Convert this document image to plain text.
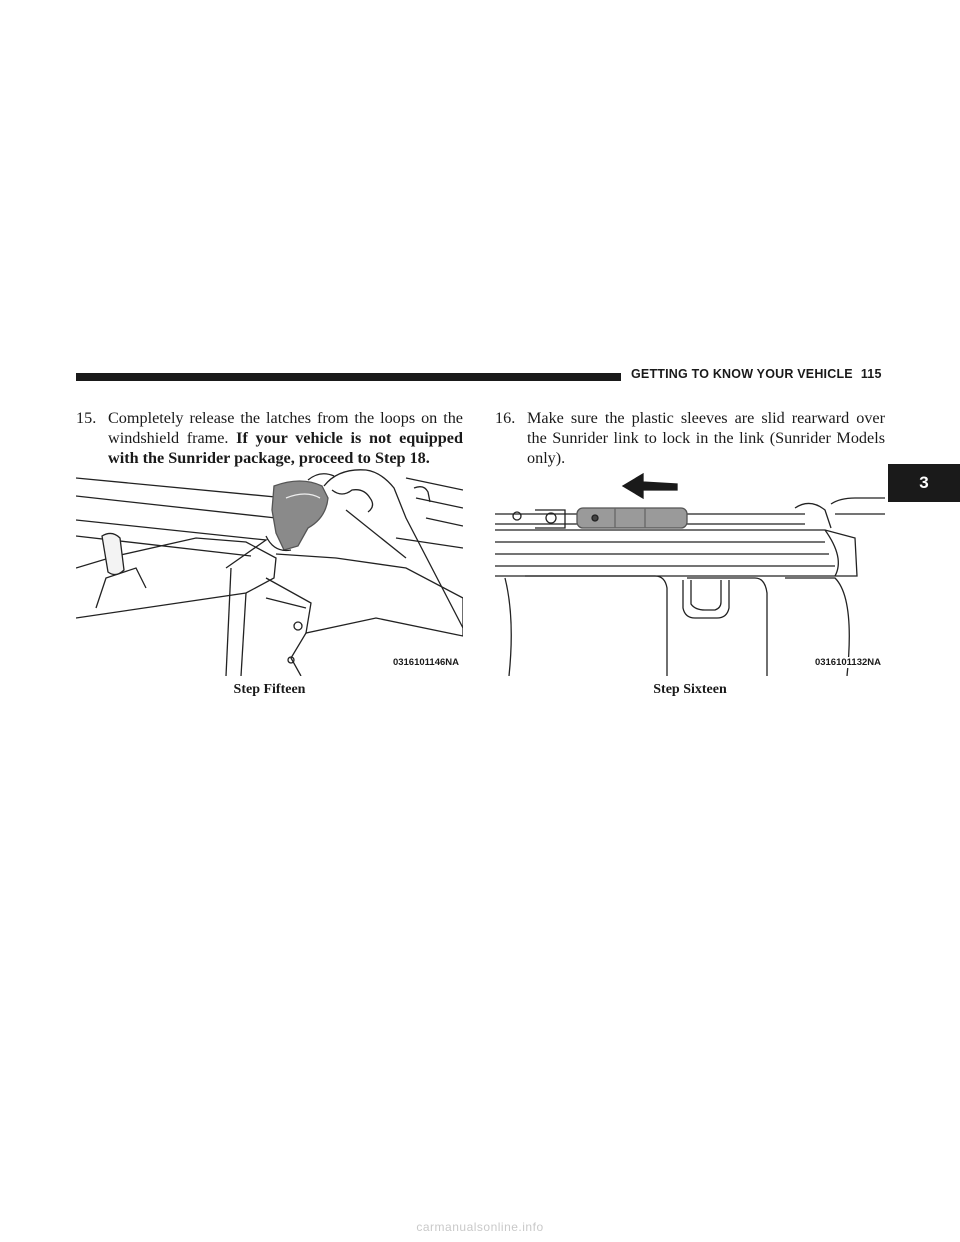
GETTING TO KNOW YOUR VEHICLE 115
3
15. Completely release the latches from the loops on the windshield frame. If your vehicle is not equipped with the Sunrider package, proceed to Step 18.
16. Make sure the plastic sleeves are slid rearward over the Sunrider link to lock in the link (Sunrider Models only).
0316101146NA
Step Fifteen
0316101132NA
Step Sixteen
carmanualsonline.info
